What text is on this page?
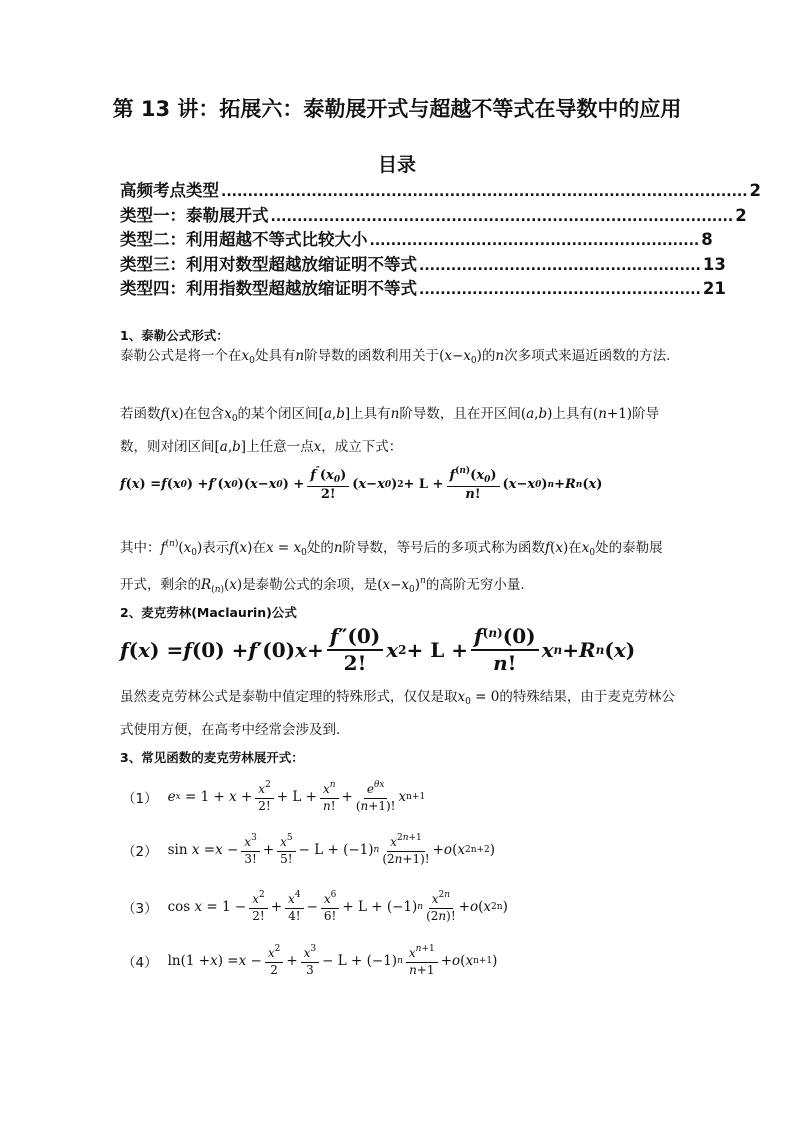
第 13 讲：拓展六：泰勒展开式与超越不等式在导数中的应用
目录
高频考点类型 ................................................................................................... 2
类型一：泰勒展开式 ....................................................................................... 2
类型二：利用超越不等式比较大小 .............................................................. 8
类型三：利用对数型超越放缩证明不等式 ..................................................... 13
类型四：利用指数型超越放缩证明不等式 ..................................................... 21
1、泰勒公式形式：
泰勒公式是将一个在$x_0$处具有n阶导数的函数利用关于$(x-x_0)$的n次多项式来逼近函数的方法.
若函数f(x)在包含$x_0$的某个闭区间[a,b]上具有n阶导数，且在开区间(a,b)上具有(n+1)阶导数，则对闭区间[a,b]上任意一点x，成立下式：
f ( x ) = f ( x 0 ) + f ′ ( x 0 )( x − x 0 ) + $\frac{f''(x_0)}{2!}$ ( x − x 0 ) $2 + L + \frac{f^{(n)}(x_0)}{n!}$ ( x − x 0 ) n + R n ( x )
其中：$f^{(n)}(x_0)$表示f(x)在$x = x_0$处的n阶导数，等号后的多项式称为函数f(x)在$x_0$处的泰勒展开式，剩余的$R_{(n)}(x)$是泰勒公式的余项，是$(x-x_0)^n$的高阶无穷小量.
2、麦克劳林(Maclaurin)公式
f ( x ) = f (0) + f ′ (0) $x + \frac{f''(0)}{2!}$ x $2 + L + \frac{f^{(n)}(0)}{n!}$ x n + R n ( x )
虽然麦克劳林公式是泰勒中值定理的特殊形式，仅仅是取$x_0 = 0$的特殊结果，由于麦克劳林公式使用方便，在高考中经常会涉及到.
3、常见函数的麦克劳林展开式：
（1） e $x = 1 + x + \frac{x^2}{2!} + L + \frac{x^n}{n!} + \frac{e^{\theta x}}{(n+1)!}$ x n+1
（2） $\sin x = x - \frac{x^3}{3!} + \frac{x^5}{5!} - L + (-1)$ n $\frac{x^{2n+1}}{(2n+1)!} + o$ ( x 2n+2 )
（3） $\cos x = 1 - \frac{x^2}{2!} + \frac{x^4}{4!} - \frac{x^6}{6!} + L + (-1)$ n $\frac{x^{2n}}{(2n)!} + o$ ( x 2n )
（4） ln(1 + x ) = $x - \frac{x^2}{2} + \frac{x^3}{3} - L + (-1)$ n $\frac{x^{n+1}}{n+1} + o$ ( x n+1 )
